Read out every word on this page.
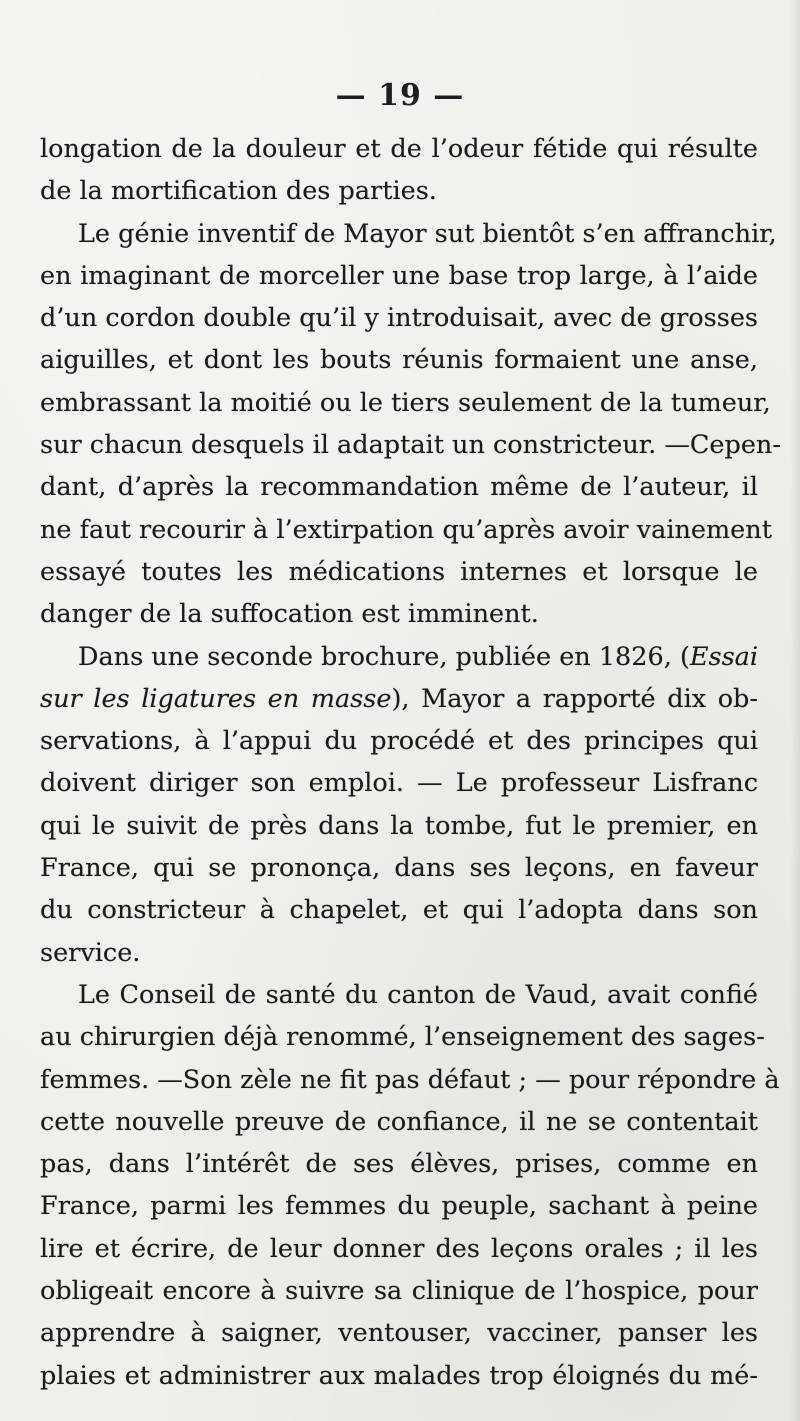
— 19 —

longation de la douleur et de l’odeur fétide qui résulte
de la mortification des parties.

Le génie inventif de Mayor sut bientôt s’en affranchir,
en imaginant de morceller une base trop large, à l’aide
d’un cordon double qu’il y introduisait, avec de grosses
aiguilles, et dont les bouts réunis formaient une anse,
embrassant la moitié ou le tiers seulement de la tumeur,
sur chacun desquels il adaptait un constricteur. —Cepen-
dant, d’après la recommandation même de l’auteur, il
ne faut recourir à l’extirpation qu’après avoir vainement
essayé toutes les médications internes et lorsque le
danger de la suffocation est imminent.

Dans une seconde brochure, publiée en 1826, (Essai
sur les ligatures en masse), Mayor a rapporté dix ob-
servations, à l’appui du procédé et des principes qui
doivent diriger son emploi. — Le professeur Lisfranc
qui le suivit de près dans la tombe, fut le premier, en
France, qui se prononça, dans ses leçons, en faveur
du constricteur à chapelet, et qui l’adopta dans son
service.

Le Conseil de santé du canton de Vaud, avait confié
au chirurgien déjà renommé, l’enseignement des sages-
femmes. —Son zèle ne fit pas défaut ; — pour répondre à
cette nouvelle preuve de confiance, il ne se contentait
pas, dans l’intérêt de ses élèves, prises, comme en
France, parmi les femmes du peuple, sachant à peine
lire et écrire, de leur donner des leçons orales ; il les
obligeait encore à suivre sa clinique de l’hospice, pour
apprendre à saigner, ventouser, vacciner, panser les
plaies et administrer aux malades trop éloignés du mé-
